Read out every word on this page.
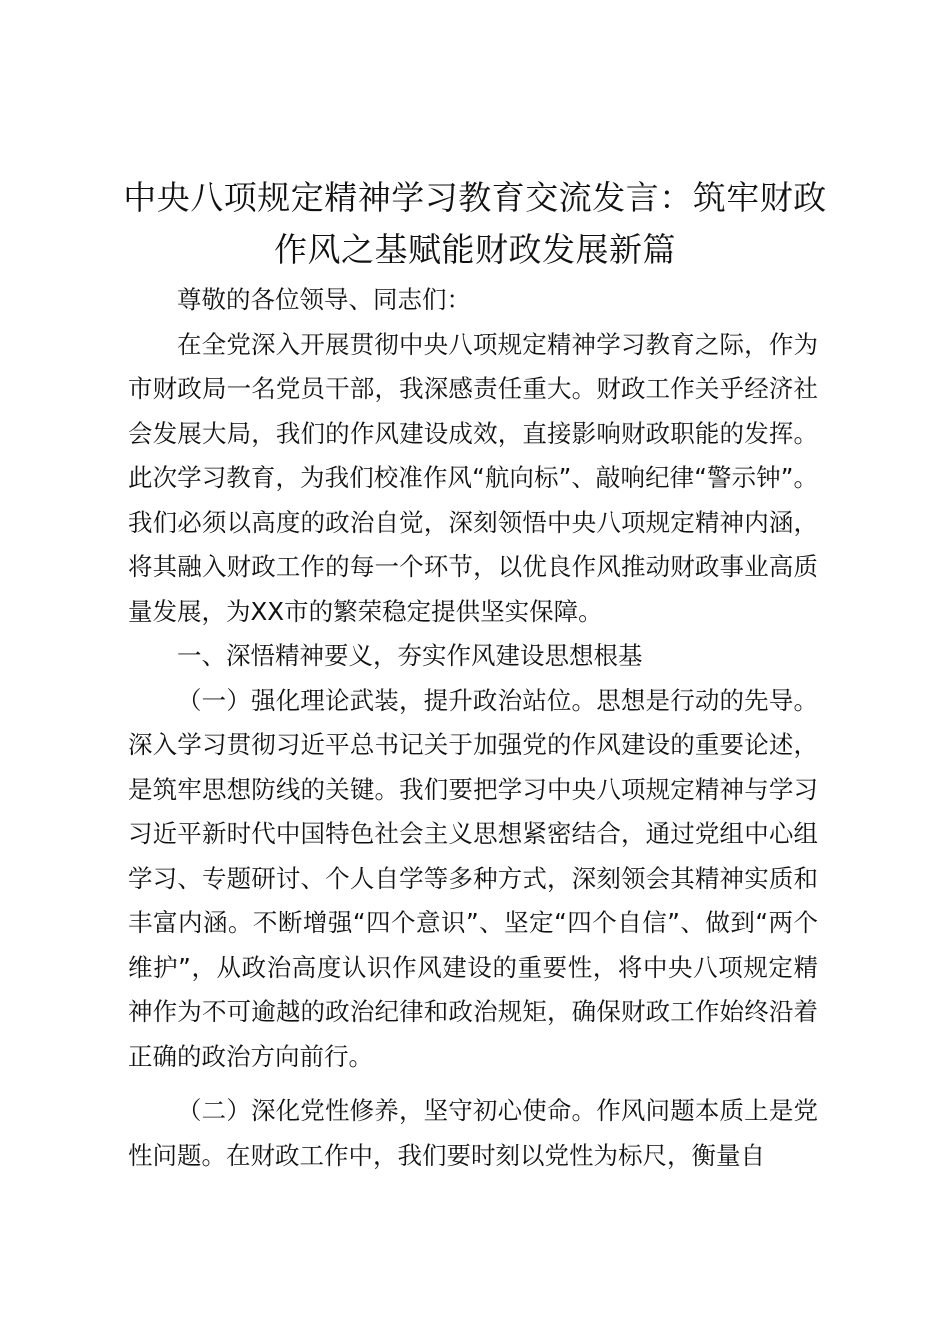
中央八项规定精神学习教育交流发言：筑牢财政作风之基赋能财政发展新篇

尊敬的各位领导、同志们：

在全党深入开展贯彻中央八项规定精神学习教育之际，作为市财政局一名党员干部，我深感责任重大。财政工作关乎经济社会发展大局，我们的作风建设成效，直接影响财政职能的发挥。此次学习教育，为我们校准作风“航向标”、敲响纪律“警示钟”。我们必须以高度的政治自觉，深刻领悟中央八项规定精神内涵，将其融入财政工作的每一个环节，以优良作风推动财政事业高质量发展，为XX市的繁荣稳定提供坚实保障。

一、深悟精神要义，夯实作风建设思想根基

（一）强化理论武装，提升政治站位。思想是行动的先导。深入学习贯彻习近平总书记关于加强党的作风建设的重要论述，是筑牢思想防线的关键。我们要把学习中央八项规定精神与学习习近平新时代中国特色社会主义思想紧密结合，通过党组中心组学习、专题研讨、个人自学等多种方式，深刻领会其精神实质和丰富内涵。不断增强“四个意识”、坚定“四个自信”、做到“两个维护”，从政治高度认识作风建设的重要性，将中央八项规定精神作为不可逾越的政治纪律和政治规矩，确保财政工作始终沿着正确的政治方向前行。

（二）深化党性修养，坚守初心使命。作风问题本质上是党性问题。在财政工作中，我们要时刻以党性为标尺，衡量自
